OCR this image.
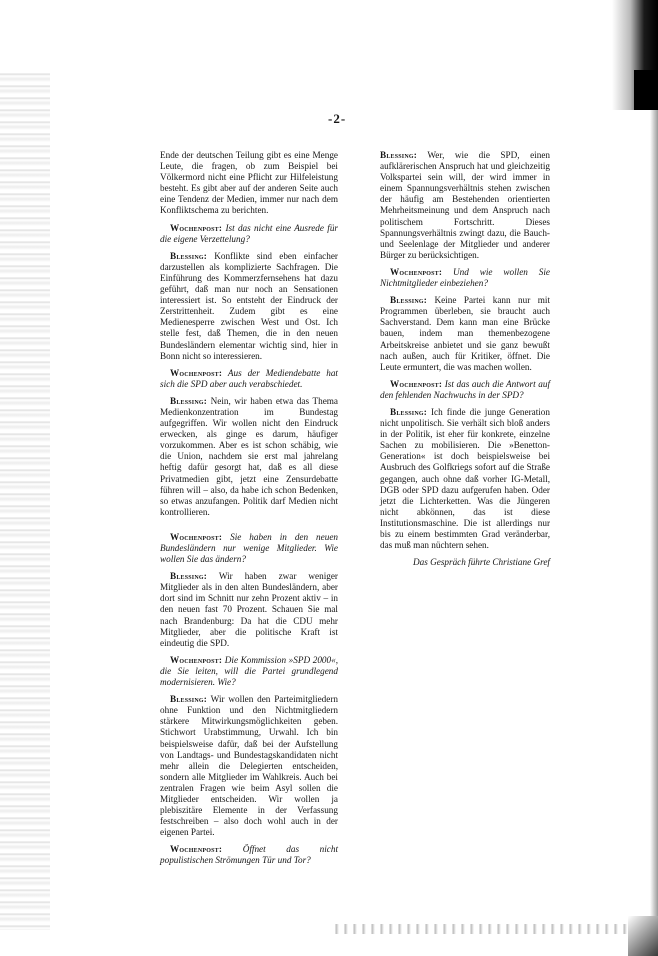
-2-

Ende der deutschen Teilung gibt es eine Menge Leute, die fragen, ob zum Beispiel bei Völkermord nicht eine Pflicht zur Hilfeleistung besteht. Es gibt aber auf der anderen Seite auch eine Tendenz der Medien, immer nur nach dem Konfliktschema zu berichten.

Wochenpost: Ist das nicht eine Ausrede für die eigene Verzettelung?

Blessing: Konflikte sind eben einfacher darzustellen als komplizierte Sachfragen. Die Einführung des Kommerzfernsehens hat dazu geführt, daß man nur noch an Sensationen interessiert ist. So entsteht der Eindruck der Zerstrittenheit. Zudem gibt es eine Medienesperre zwischen West und Ost. Ich stelle fest, daß Themen, die in den neuen Bundesländern elementar wichtig sind, hier in Bonn nicht so interessieren.

Wochenpost: Aus der Mediendebatte hat sich die SPD aber auch verabschiedet.

Blessing: Nein, wir haben etwa das Thema Medienkonzentration im Bundestag aufgegriffen. Wir wollen nicht den Eindruck erwecken, als ginge es darum, häufiger vorzukommen. Aber es ist schon schäbig, wie die Union, nachdem sie erst mal jahrelang heftig dafür gesorgt hat, daß es all diese Privatmedien gibt, jetzt eine Zensurdebatte führen will – also, da habe ich schon Bedenken, so etwas anzufangen. Politik darf Medien nicht kontrollieren.

Wochenpost: Sie haben in den neuen Bundesländern nur wenige Mitglieder. Wie wollen Sie das ändern?

Blessing: Wir haben zwar weniger Mitglieder als in den alten Bundesländern, aber dort sind im Schnitt nur zehn Prozent aktiv – in den neuen fast 70 Prozent. Schauen Sie mal nach Brandenburg: Da hat die CDU mehr Mitglieder, aber die politische Kraft ist eindeutig die SPD.

Wochenpost: Die Kommission »SPD 2000«, die Sie leiten, will die Partei grundlegend modernisieren. Wie?

Blessing: Wir wollen den Parteimitgliedern ohne Funktion und den Nichtmitgliedern stärkere Mitwirkungsmöglichkeiten geben. Stichwort Urabstimmung, Urwahl. Ich bin beispielsweise dafür, daß bei der Aufstellung von Landtags- und Bundestagskandidaten nicht mehr allein die Delegierten entscheiden, sondern alle Mitglieder im Wahlkreis. Auch bei zentralen Fragen wie beim Asyl sollen die Mitglieder entscheiden. Wir wollen ja plebiszitäre Elemente in der Verfassung festschreiben – also doch wohl auch in der eigenen Partei.

Wochenpost: Öffnet das nicht populistischen Strömungen Tür und Tor?

Blessing: Wer, wie die SPD, einen aufklärerischen Anspruch hat und gleichzeitig Volkspartei sein will, der wird immer in einem Spannungsverhältnis stehen zwischen der häufig am Bestehenden orientierten Mehrheitsmeinung und dem Anspruch nach politischem Fortschritt. Dieses Spannungsverhältnis zwingt dazu, die Bauch- und Seelenlage der Mitglieder und anderer Bürger zu berücksichtigen.

Wochenpost: Und wie wollen Sie Nichtmitglieder einbeziehen?

Blessing: Keine Partei kann nur mit Programmen überleben, sie braucht auch Sachverstand. Dem kann man eine Brücke bauen, indem man themenbezogene Arbeitskreise anbietet und sie ganz bewußt nach außen, auch für Kritiker, öffnet. Die Leute ermuntert, die was machen wollen.

Wochenpost: Ist das auch die Antwort auf den fehlenden Nachwuchs in der SPD?

Blessing: Ich finde die junge Generation nicht unpolitisch. Sie verhält sich bloß anders in der Politik, ist eher für konkrete, einzelne Sachen zu mobilisieren. Die »Benetton-Generation« ist doch beispielsweise bei Ausbruch des Golfkriegs sofort auf die Straße gegangen, auch ohne daß vorher IG-Metall, DGB oder SPD dazu aufgerufen haben. Oder jetzt die Lichterketten. Was die Jüngeren nicht abkönnen, das ist diese Institutionsmaschine. Die ist allerdings nur bis zu einem bestimmten Grad veränderbar, das muß man nüchtern sehen.

Das Gespräch führte Christiane Gref
